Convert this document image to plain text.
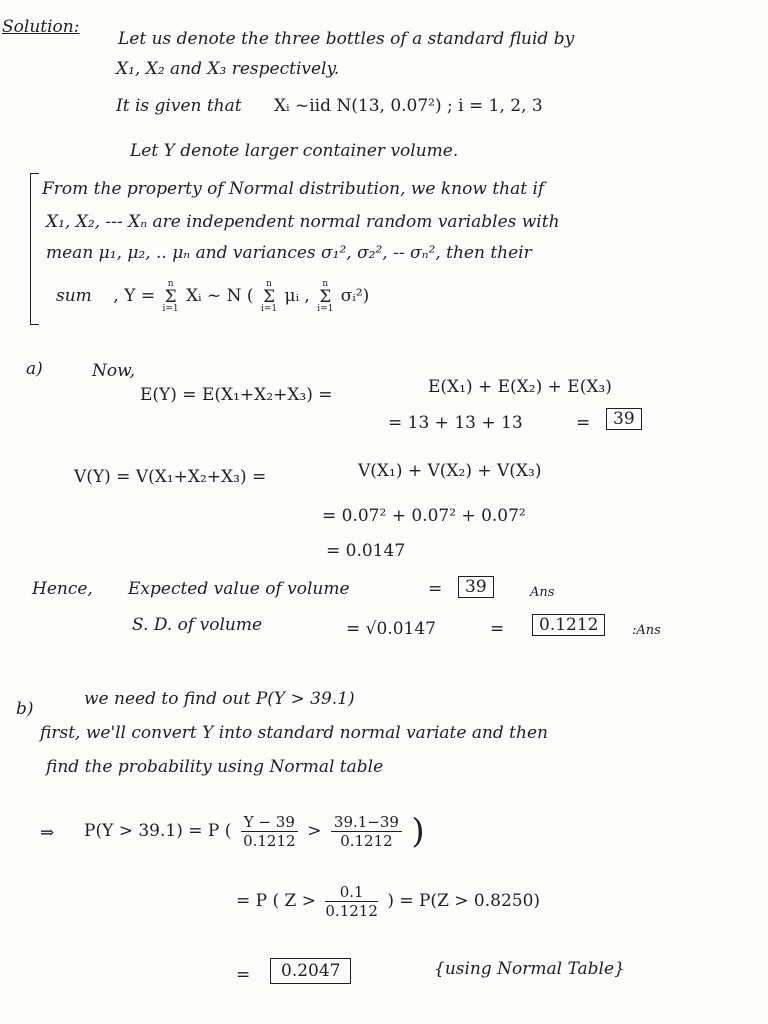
Solution:
Let us denote the three bottles of a standard fluid by
X₁, X₂ and X₃ respectively.
It is given that Xᵢ ~iid N(13, 0.07²) ; i = 1, 2, 3
Let Y denote larger container volume.
From the property of Normal distribution, we know that if
X₁, X₂, --- Xₙ are independent normal random variables with
mean μ₁, μ₂, .. μₙ and variances σ₁², σ₂², -- σₙ², then their
sum , Y =
n
Σ
i=1
Xᵢ ~ N (
n
Σ
i=1
μᵢ ,
n
Σ
i=1
σᵢ²)
a)	Now,
E(Y) = E(X₁+X₂+X₃) =	E(X₁) + E(X₂) + E(X₃)
= 13 + 13 + 13	=	39
V(Y) = V(X₁+X₂+X₃) =	V(X₁) + V(X₂) + V(X₃)
= 0.07² + 0.07² + 0.07²
= 0.0147
Hence, Expected value of volume	=	39	Ans
S. D. of volume	= √0.0147	=	0.1212	:Ans
b)	we need to find out P(Y > 39.1)
first, we'll convert Y into standard normal variate and then
find the probability using Normal table
⇒ P(Y > 39.1) = P ( $\frac{Y - 39}{0.1212} > \frac{39.1-39}{0.1212}$ )
= P ( $Z > \frac{0.1}{0.1212}$ ) = P(Z > 0.8250)
=	0.2047	{using Normal Table}
